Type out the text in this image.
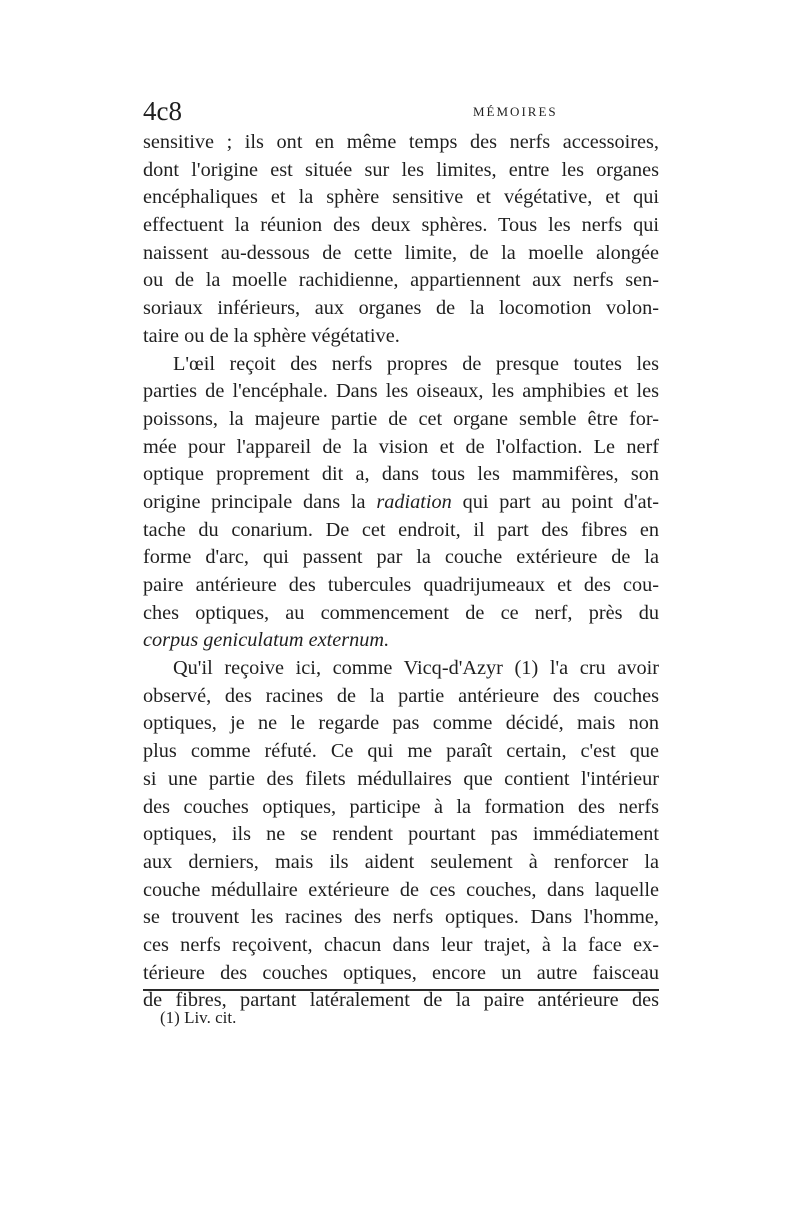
4c8	MÉMOIRES
sensitive ; ils ont en même temps des nerfs accessoires,
dont l'origine est située sur les limites, entre les organes
encéphaliques et la sphère sensitive et végétative, et qui
effectuent la réunion des deux sphères. Tous les nerfs qui
naissent au-dessous de cette limite, de la moelle alongée
ou de la moelle rachidienne, appartiennent aux nerfs sen-
soriaux inférieurs, aux organes de la locomotion volon-
taire ou de la sphère végétative.
L'œil reçoit des nerfs propres de presque toutes les
parties de l'encéphale. Dans les oiseaux, les amphibies et les
poissons, la majeure partie de cet organe semble être for-
mée pour l'appareil de la vision et de l'olfaction. Le nerf
optique proprement dit a, dans tous les mammifères, son
origine principale dans la radiation qui part au point d'at-
tache du conarium. De cet endroit, il part des fibres en
forme d'arc, qui passent par la couche extérieure de la
paire antérieure des tubercules quadrijumeaux et des cou-
ches optiques, au commencement de ce nerf, près du
corpus geniculatum externum.
Qu'il reçoive ici, comme Vicq-d'Azyr (1) l'a cru avoir
observé, des racines de la partie antérieure des couches
optiques, je ne le regarde pas comme décidé, mais non
plus comme réfuté. Ce qui me paraît certain, c'est que
si une partie des filets médullaires que contient l'intérieur
des couches optiques, participe à la formation des nerfs
optiques, ils ne se rendent pourtant pas immédiatement
aux derniers, mais ils aident seulement à renforcer la
couche médullaire extérieure de ces couches, dans laquelle
se trouvent les racines des nerfs optiques. Dans l'homme,
ces nerfs reçoivent, chacun dans leur trajet, à la face ex-
térieure des couches optiques, encore un autre faisceau
de fibres, partant latéralement de la paire antérieure des
(1) Liv. cit.
